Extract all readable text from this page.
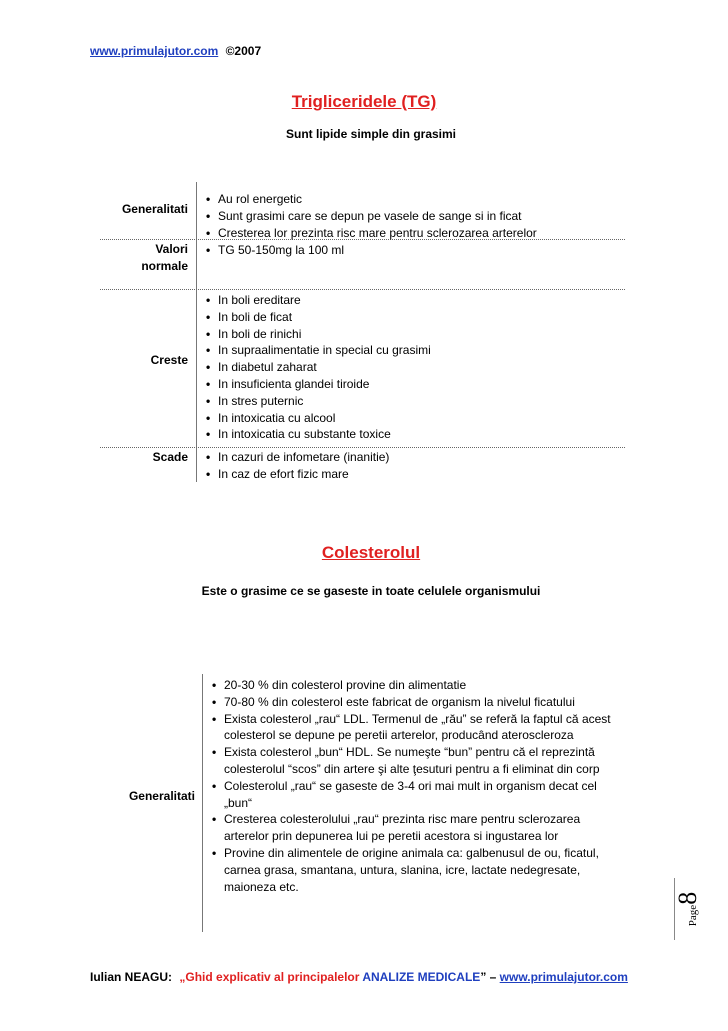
www.primulajutor.com ©2007
Trigliceridele (TG)
Sunt lipide simple din grasimi
Generalitati
• Au rol energetic
• Sunt grasimi care se depun pe vasele de sange si in ficat
• Cresterea lor prezinta risc mare pentru sclerozarea arterelor
Valori
normale
• TG 50-150mg la 100 ml
Creste
• In boli ereditare
• In boli de ficat
• In boli de rinichi
• In supraalimentatie in special cu grasimi
• In diabetul zaharat
• In insuficienta glandei tiroide
• In stres puternic
• In intoxicatia cu alcool
• In intoxicatia cu substante toxice
Scade
•	In cazuri de infometare (inanitie)
• In caz de efort fizic mare
Colesterolul
Este o grasime ce se gaseste in toate celulele organismului
Generalitati
• 20-30 % din colesterol provine din alimentatie
• 70-80 % din colesterol este fabricat de organism la nivelul ficatului
• Exista colesterol „rau“ LDL. Termenul de „rău” se referă la faptul că acest colesterol se depune pe peretii arterelor, producând ateroscleroza
• Exista colesterol „bun“ HDL. Se numeşte “bun” pentru că el reprezintă colesterolul “scos” din artere şi alte ţesuturi pentru a fi eliminat din corp
• Colesterolul „rau“ se gaseste de 3-4 ori mai mult in organism decat cel „bun“
• Cresterea colesterolului „rau“ prezinta risc mare pentru sclerozarea arterelor prin depunerea lui pe peretii acestora si ingustarea lor
• Provine din alimentele de origine animala ca: galbenusul de ou, ficatul, carnea grasa, smantana, untura, slanina, icre, lactate nedegresate, maioneza etc.
Page8
Iulian NEAGU: „Ghid explicativ al principalelor ANALIZE MEDICALE” – www.primulajutor.com
